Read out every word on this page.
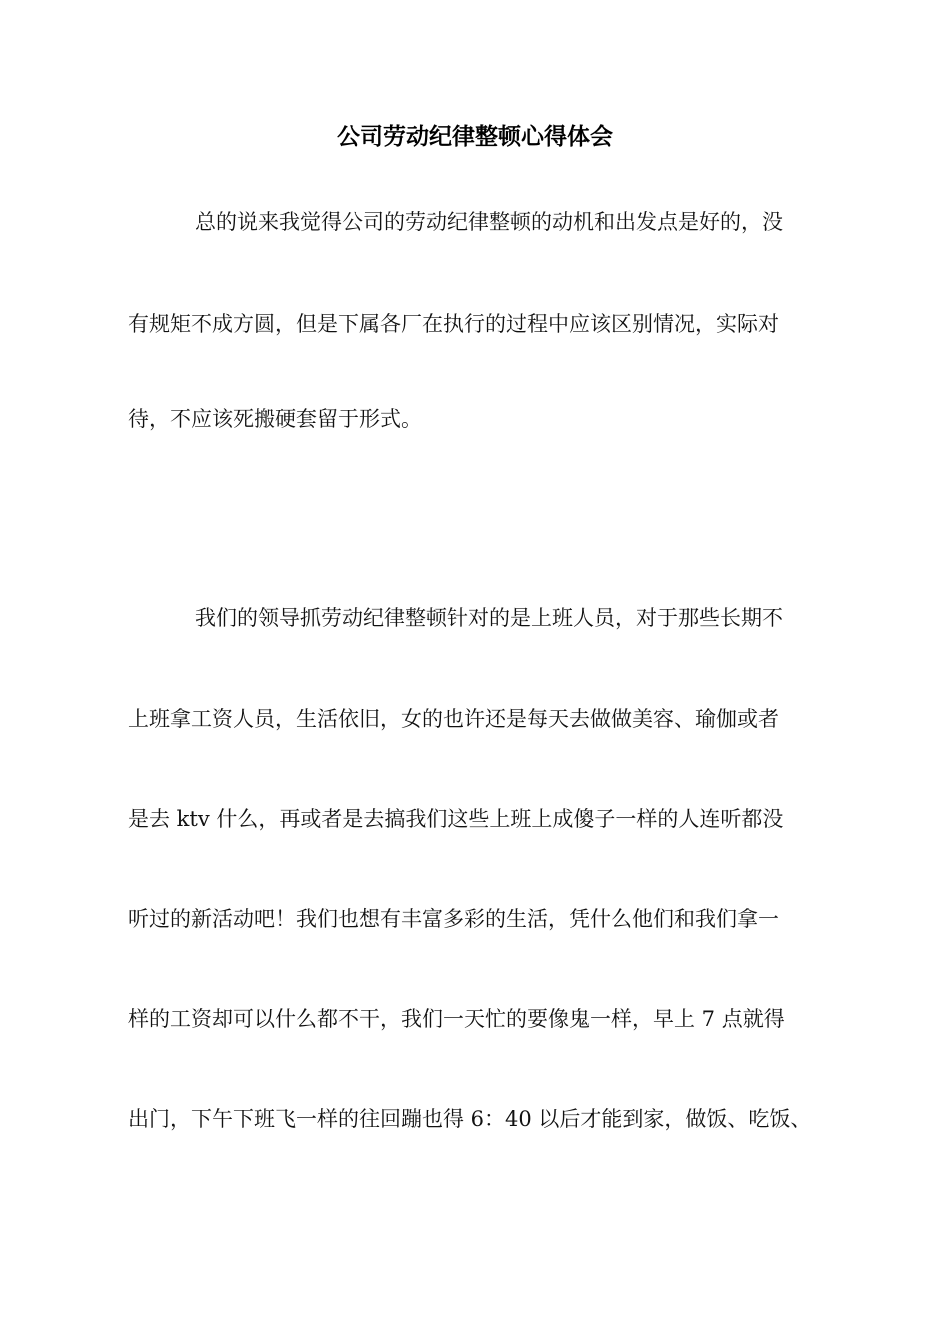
公司劳动纪律整顿心得体会

总的说来我觉得公司的劳动纪律整顿的动机和出发点是好的，没

有规矩不成方圆，但是下属各厂在执行的过程中应该区别情况，实际对

待，不应该死搬硬套留于形式。

我们的领导抓劳动纪律整顿针对的是上班人员，对于那些长期不

上班拿工资人员，生活依旧，女的也许还是每天去做做美容、瑜伽或者

是去 ktv 什么，再或者是去搞我们这些上班上成傻子一样的人连听都没

听过的新活动吧！我们也想有丰富多彩的生活，凭什么他们和我们拿一

样的工资却可以什么都不干，我们一天忙的要像鬼一样，早上 7 点就得

出门，下午下班飞一样的往回蹦也得 6：40 以后才能到家，做饭、吃饭、
